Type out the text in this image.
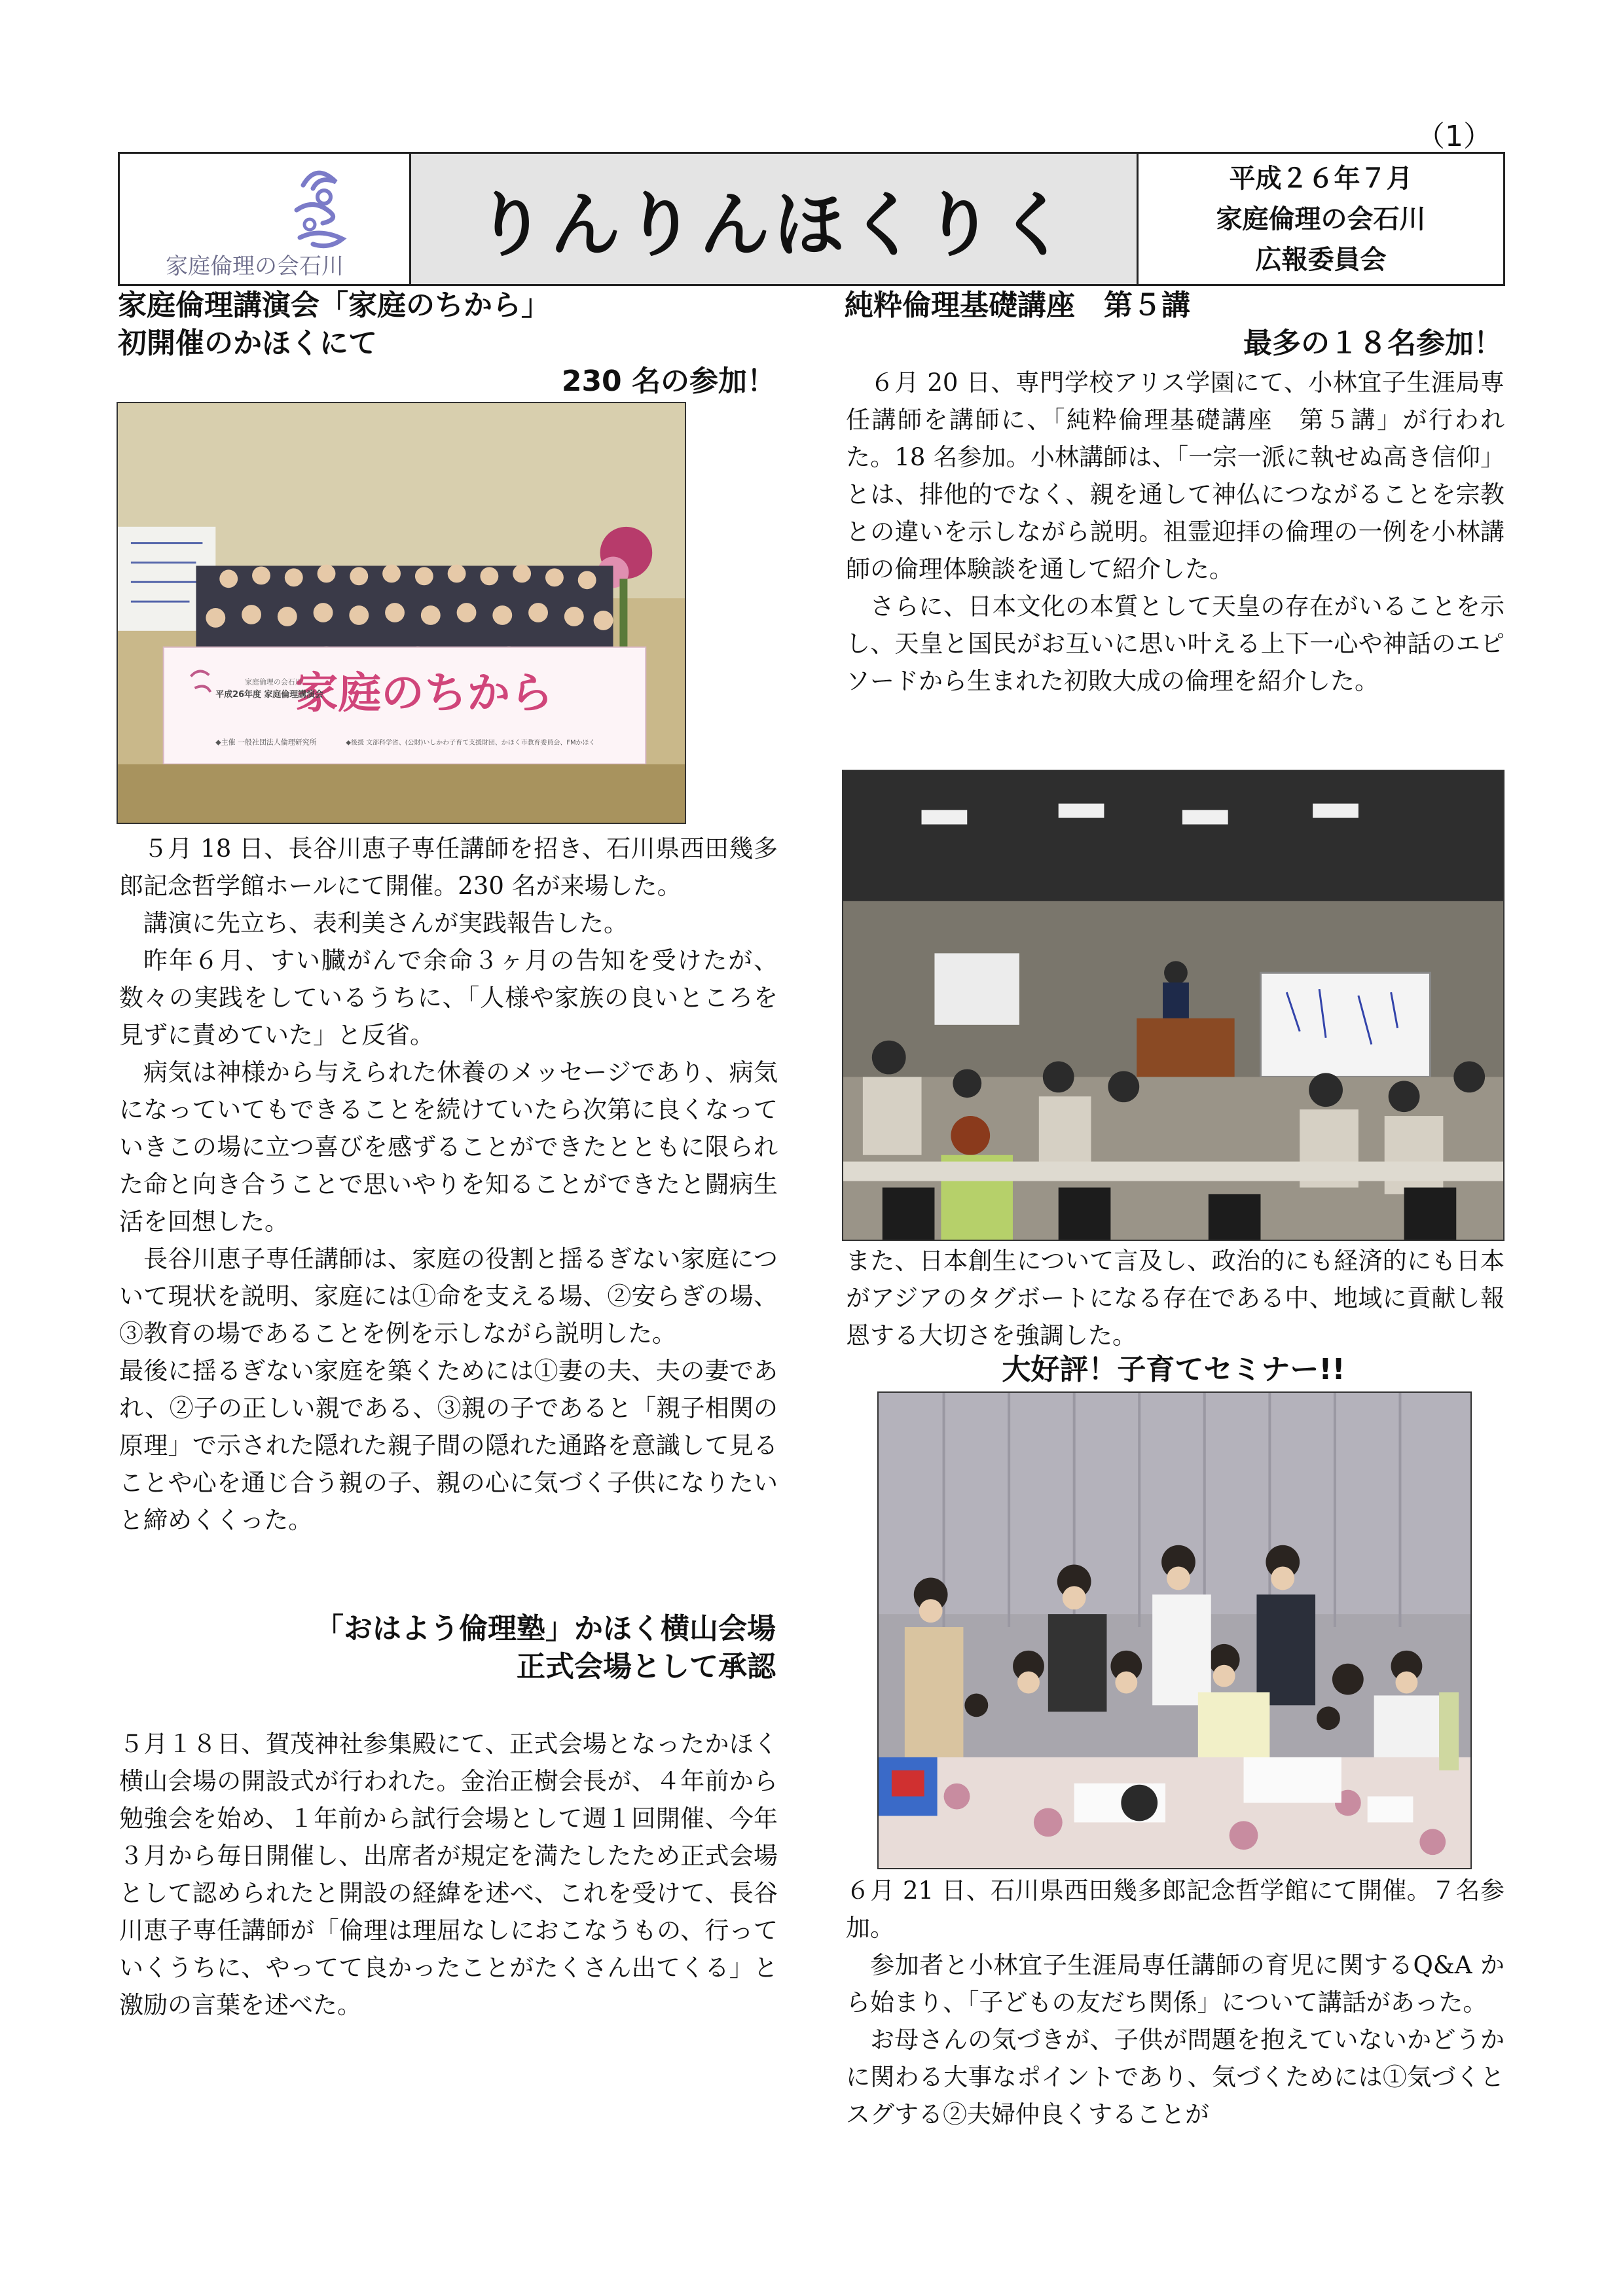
（1）
家庭倫理の会石川 りんりんほくりく
平成２６年７月
家庭倫理の会石川
広報委員会
家庭倫理講演会「家庭のちから」
初開催のかほくにて
230 名の参加！
家庭のちから
家庭倫理の会石川
平成26年度 家庭倫理講演会
◆主催 一般社団法人倫理研究所	◆後援 文部科学省、(公財)いしかわ子育て支援財団、かほく市教育委員会、FMかほく

５月 18 日、長谷川恵子専任講師を招き、石川県西田幾多郎記念哲学館ホールにて開催。230 名が来場した。

講演に先立ち、表利美さんが実践報告した。

昨年６月、すい臓がんで余命３ヶ月の告知を受けたが、数々の実践をしているうちに、「人様や家族の良いところを見ずに責めていた」と反省。

病気は神様から与えられた休養のメッセージであり、病気になっていてもできることを続けていたら次第に良くなっていきこの場に立つ喜びを感ずることができたとともに限られた命と向き合うことで思いやりを知ることができたと闘病生活を回想した。

長谷川恵子専任講師は、家庭の役割と揺るぎない家庭について現状を説明、家庭には①命を支える場、②安らぎの場、③教育の場であることを例を示しながら説明した。

最後に揺るぎない家庭を築くためには①妻の夫、夫の妻であれ、②子の正しい親である、③親の子であると「親子相関の原理」で示された隠れた親子間の隠れた通路を意識して見ることや心を通じ合う親の子、親の心に気づく子供になりたいと締めくくった。

「おはよう倫理塾」かほく横山会場
正式会場として承認

５月１８日、賀茂神社参集殿にて、正式会場となったかほく横山会場の開設式が行われた。金治正樹会長が、４年前から勉強会を始め、１年前から試行会場として週１回開催、今年３月から毎日開催し、出席者が規定を満たしたため正式会場として認められたと開設の経緯を述べ、これを受けて、長谷川恵子専任講師が「倫理は理屈なしにおこなうもの、行っていくうちに、やってて良かったことがたくさん出てくる」と激励の言葉を述べた。

純粋倫理基礎講座　第５講
最多の１８名参加！

６月 20 日、専門学校アリス学園にて、小林宜子生涯局専任講師を講師に、「純粋倫理基礎講座　第５講」が行われた。18 名参加。小林講師は、「一宗一派に執せぬ高き信仰」とは、排他的でなく、親を通して神仏につながることを宗教との違いを示しながら説明。祖霊迎拝の倫理の一例を小林講師の倫理体験談を通して紹介した。

さらに、日本文化の本質として天皇の存在がいることを示し、天皇と国民がお互いに思い叶える上下一心や神話のエピソードから生まれた初敗大成の倫理を紹介した。

また、日本創生について言及し、政治的にも経済的にも日本がアジアのタグボートになる存在である中、地域に貢献し報恩する大切さを強調した。

大好評！子育てセミナー!!

６月 21 日、石川県西田幾多郎記念哲学館にて開催。７名参加。

参加者と小林宜子生涯局専任講師の育児に関するQ&A から始まり、「子どもの友だち関係」について講話があった。

お母さんの気づきが、子供が問題を抱えていないかどうかに関わる大事なポイントであり、気づくためには①気づくとスグする②夫婦仲良くすることが
